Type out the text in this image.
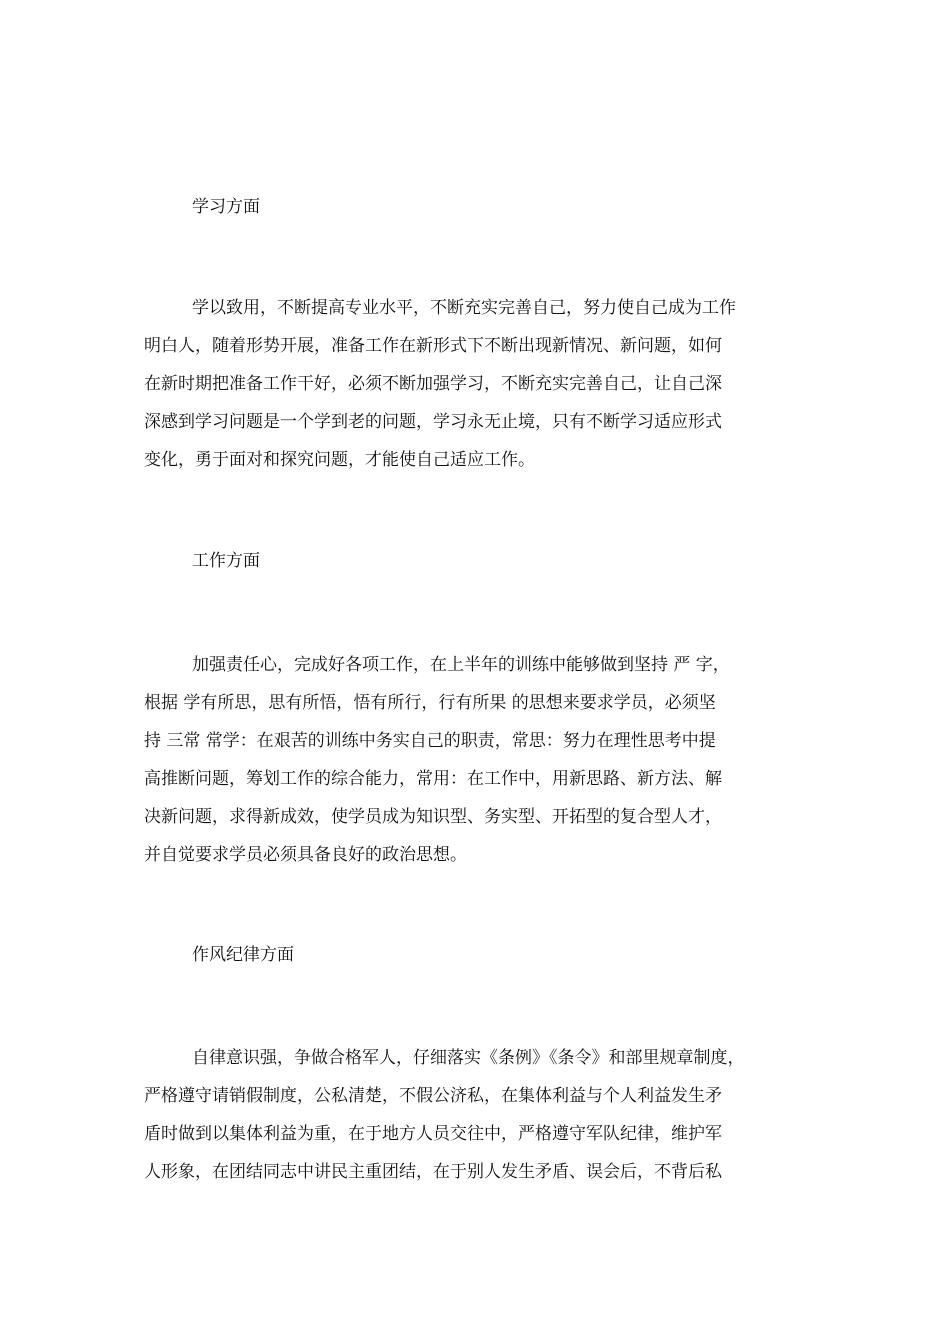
学习方面
学以致用，不断提高专业水平，不断充实完善自己，努力使自己成为工作
明白人，随着形势开展，准备工作在新形式下不断出现新情况、新问题，如何
在新时期把准备工作干好，必须不断加强学习，不断充实完善自己，让自己深
深感到学习问题是一个学到老的问题，学习永无止境，只有不断学习适应形式
变化，勇于面对和探究问题，才能使自己适应工作。
工作方面
加强责任心，完成好各项工作，在上半年的训练中能够做到坚持 严 字，
根据 学有所思，思有所悟，悟有所行，行有所果 的思想来要求学员，必须坚
持 三常 常学：在艰苦的训练中务实自己的职责，常思：努力在理性思考中提
高推断问题，筹划工作的综合能力，常用：在工作中，用新思路、新方法、解
决新问题，求得新成效，使学员成为知识型、务实型、开拓型的复合型人才，
并自觉要求学员必须具备良好的政治思想。
作风纪律方面
自律意识强，争做合格军人，仔细落实《条例》《条令》和部里规章制度，
严格遵守请销假制度，公私清楚，不假公济私，在集体利益与个人利益发生矛
盾时做到以集体利益为重，在于地方人员交往中，严格遵守军队纪律，维护军
人形象，在团结同志中讲民主重团结，在于别人发生矛盾、误会后，不背后私
